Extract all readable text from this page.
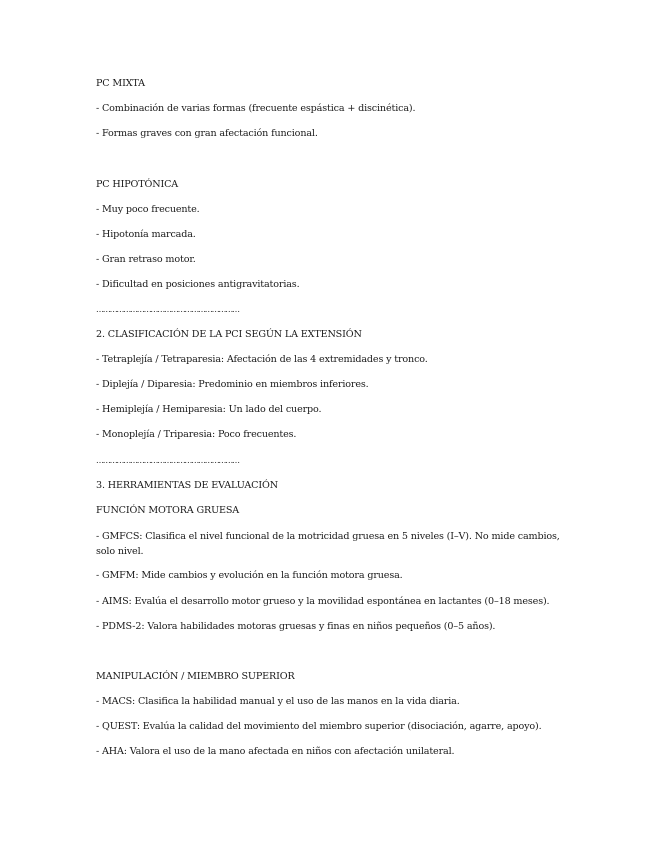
PC MIXTA
- Combinación de varias formas (frecuente espástica + discinética).
- Formas graves con gran afectación funcional.
PC HIPOTÓNICA
- Muy poco frecuente.
- Hipotonía marcada.
- Gran retraso motor.
- Dificultad en posiciones antigravitatorias.
………………………………………………………
2. CLASIFICACIÓN DE LA PCI SEGÚN LA EXTENSIÓN
- Tetraplejía / Tetraparesia: Afectación de las 4 extremidades y tronco.
- Diplejía / Diparesia: Predominio en miembros inferiores.
- Hemiplejía / Hemiparesia: Un lado del cuerpo.
- Monoplejía / Triparesia: Poco frecuentes.
………………………………………………………
3. HERRAMIENTAS DE EVALUACIÓN
FUNCIÓN MOTORA GRUESA
- GMFCS: Clasifica el nivel funcional de la motricidad gruesa en 5 niveles (I–V). No mide cambios, solo nivel.
- GMFM: Mide cambios y evolución en la función motora gruesa.
- AIMS: Evalúa el desarrollo motor grueso y la movilidad espontánea en lactantes (0–18 meses).
- PDMS-2: Valora habilidades motoras gruesas y finas en niños pequeños (0–5 años).
MANIPULACIÓN / MIEMBRO SUPERIOR
- MACS: Clasifica la habilidad manual y el uso de las manos en la vida diaria.
- QUEST: Evalúa la calidad del movimiento del miembro superior (disociación, agarre, apoyo).
- AHA: Valora el uso de la mano afectada en niños con afectación unilateral.
